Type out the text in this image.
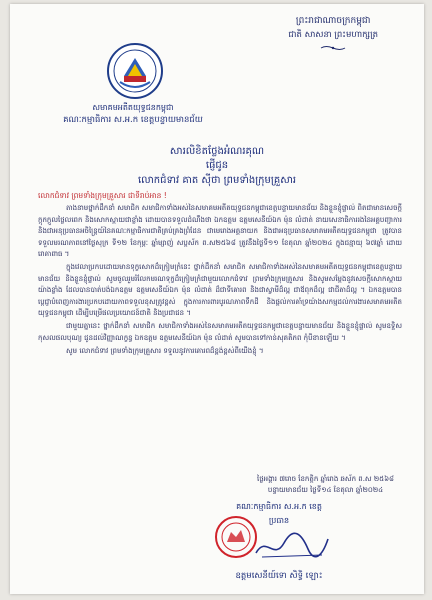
ព្រះរាជាណាចក្រកម្ពុជា
ជាតិ សាសនា ព្រះមហាក្សត្រ
សមាគមអតីតយុទ្ធជនកម្ពុជា
គណៈកម្មាធិការ ស.អ.ក ខេត្តបន្ទាយមានជ័យ
សារលិខិតថ្លែងអំណរគុណ
ផ្ញើជូន
លោកជំទាវ គាត ស៊ីថា ព្រមទាំងក្រុមគ្រួសារ

លោកជំទាវ ព្រមទាំងក្រុមគ្រួសារ ជាទីរាប់អាន !

តាងនាមថ្នាក់ដឹកនាំ សមាជិក សមាជិកាទាំងអស់នៃសមាគមអតីតយុទ្ធជនកម្ពុជាខេត្តបន្ទាយមានជ័យ និងខ្លួនខ្ញុំផ្ទាល់ ពិតជាមានសេចក្ដីក្ដុកក្ដួលថ្លៃលពេក និងសោកស្ដាយជាខ្លាំង ដោយបានទទួលដំណឹងថា ឯកឧត្ដម ឧត្ដមសេនីយ៍ឯក ម៉ុន លំដាត់ នាយសេនាធិការរងនៃអគ្គបញ្ជាការ និងជាអនុប្រធានអចិន្ត្រៃយ៍នៃគណៈកម្មាធិការជាតិគ្រប់គ្រងព្រំដែន ជាមេរោងអគ្គនាយក និងជាអនុប្រធានសមាគមអតីតយុទ្ធជនកម្ពុជា ត្រូវបានទទួលមរណភាពនៅថ្ងៃសុក្រ ទី១២ ខែកុម្ភៈ ឆ្នាំម្សាញ់ សប្ដស័ក ព.ស២៥៦៨ ត្រូវនឹងថ្ងៃទី១១ ខែតុលា ឆ្នាំ២០២៤ ក្នុងជន្មាយុ ៦៧ឆ្នាំ ដោយរោគាពាធ ។

ក្នុងវេលាប្រកបដោយមានទុក្ខសោកដ៏ក្រៀមក្រំនេះ ថ្នាក់ដឹកនាំ សមាជិក សមាជិកាទាំងអស់នៃសមាគមអតីតយុទ្ធជនកម្ពុជាខេត្តបន្ទាយមានជ័យ និងខ្លួនខ្ញុំផ្ទាល់ សូមចូលរួមរំលែកមរណទុក្ខដ៏ក្រៀមក្រំជាមួយលោកជំទាវ ព្រមទាំងក្រុមគ្រួសារ និងសូមសម្ដែងនូវសេចក្ដីសោកស្ដាយយ៉ាងខ្លាំង ដែលបានបាត់បង់ឯកឧត្ដម ឧត្ដមសេនីយ៍ឯក ម៉ុន លំដាត់ ដ៏ជាទីគោរព និងជាស្វាមីដ៏ល្អ ជាឪពុកដ៏ល្អ ជាជីតាដ៏ល្អ ។ ឯកឧត្ដមបានប្ដេជ្ញាបំពេញការងារប្រកបដោយភាពទទួលខុសត្រូវខ្ពស់ ក្នុងការការពារបូរណភាពទឹកដី និងផ្ដល់ការគាំទ្រយ៉ាងសកម្មដល់ការងារសមាគមអតីតយុទ្ធជនកម្ពុជា ដើម្បីបម្រើផលប្រយោជន៍ជាតិ និងប្រជាជន ។

ជាមួយគ្នានេះ ថ្នាក់ដឹកនាំ សមាជិក សមាជិកាទាំងអស់នៃសមាគមអតីតយុទ្ធជនកម្ពុជាខេត្តបន្ទាយមានជ័យ និងខ្លួនខ្ញុំផ្ទាល់ សូមឧទ្ទិសកុសលផលបុណ្យ ជូនដល់វិញ្ញាណក្ខន្ធ ឯកឧត្ដម ឧត្ដមសេនីយ៍ឯក ម៉ុន លំដាត់ សូមបានទៅកាន់សុគតិភព កុំបីខានឡើយ ។

សូម លោកជំទាវ ព្រមទាំងក្រុមគ្រួសារ ទទួលនូវការគោរពដ៏ខ្ពង់ខ្ពស់ពីយើងខ្ញុំ ។

ថ្ងៃអង្គារ ៧រោច ខែកត្ដិក ឆ្នាំរោង ឆស័ក ព.ស ២៥៦៨
បន្ទាយមានជ័យ ថ្ងៃទី១៤ ខែតុលា ឆ្នាំ២០២៤
គណៈកម្មាធិការ ស.អ.ក ខេត្ត
ប្រធាន
ឧត្ដមសេនីយ៍ទោ សិទ្ធិ ឡោះ
